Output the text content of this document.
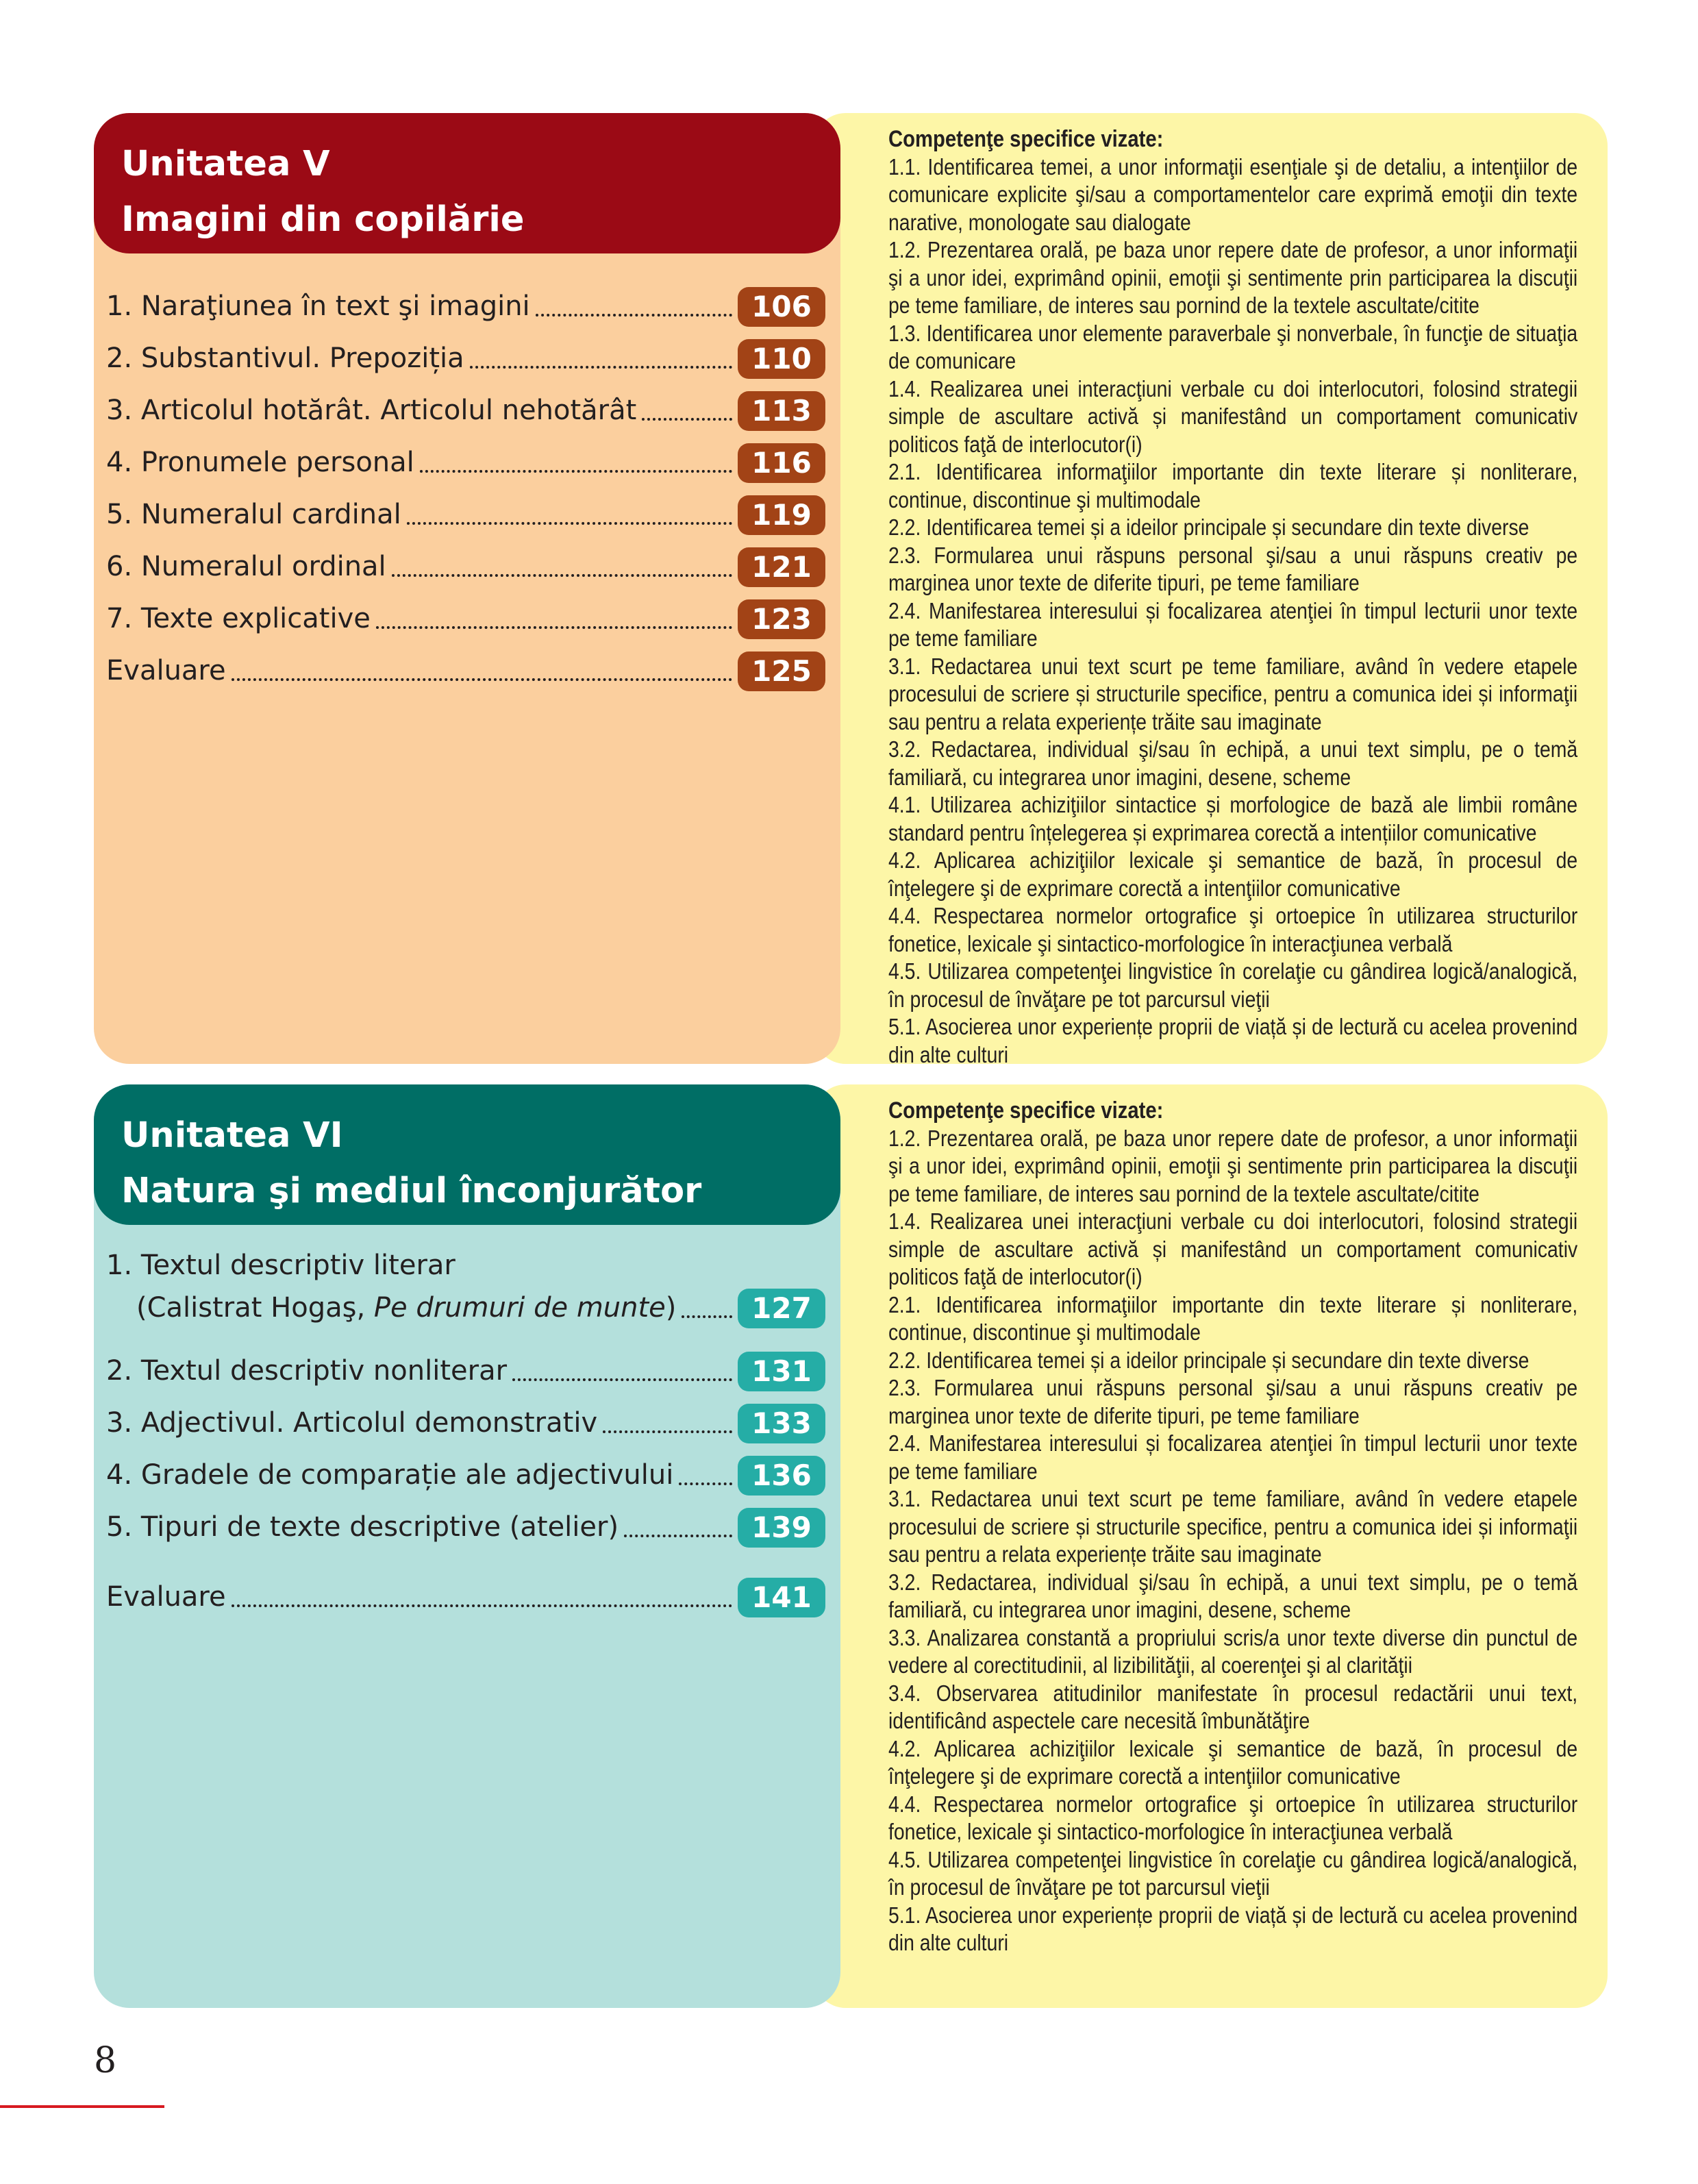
Competenţe specifice vizate:
1.1. Identificarea temei, a unor informaţii esenţiale şi de detaliu, a intenţiilor de comunicare explicite şi/sau a comportamentelor care exprimă emoţii din texte narative, monologate sau dialogate
1.2. Prezentarea orală, pe baza unor repere date de profesor, a unor informaţii şi a unor idei, exprimând opinii, emoţii şi sentimente prin participarea la discuţii pe teme familiare, de interes sau pornind de la textele ascultate/citite
1.3. Identificarea unor elemente paraverbale şi nonverbale, în funcţie de situaţia de comunicare
1.4. Realizarea unei interacţiuni verbale cu doi interlocutori, folosind strategii simple de ascultare activă și manifestând un comportament comunicativ politicos faţă de interlocutor(i)
2.1. Identificarea informaţiilor importante din texte literare și nonliterare, continue, discontinue şi multimodale
2.2. Identificarea temei și a ideilor principale și secundare din texte diverse
2.3. Formularea unui răspuns personal şi/sau a unui răspuns creativ pe marginea unor texte de diferite tipuri, pe teme familiare
2.4. Manifestarea interesului și focalizarea atenţiei în timpul lecturii unor texte pe teme familiare
3.1. Redactarea unui text scurt pe teme familiare, având în vedere etapele procesului de scriere și structurile specifice, pentru a comunica idei și informaţii sau pentru a relata experiențe trăite sau imaginate
3.2. Redactarea, individual şi/sau în echipă, a unui text simplu, pe o temă familiară, cu integrarea unor imagini, desene, scheme
4.1. Utilizarea achiziţiilor sintactice și morfologice de bază ale limbii române standard pentru înțelegerea și exprimarea corectă a intențiilor comunicative
4.2. Aplicarea achiziţiilor lexicale şi semantice de bază, în procesul de înţelegere şi de exprimare corectă a intenţiilor comunicative
4.4. Respectarea normelor ortografice şi ortoepice în utilizarea structurilor fonetice, lexicale şi sintactico-morfologice în interacţiunea verbală
4.5. Utilizarea competenţei lingvistice în corelaţie cu gândirea logică/analogică, în procesul de învăţare pe tot parcursul vieţii
5.1. Asocierea unor experiențe proprii de viață și de lectură cu acelea provenind din alte culturi
Unitatea V
Imagini din copilărie
1. Naraţiunea în text şi imagini	106
2. Substantivul. Prepoziția	110
3. Articolul hotărât. Articolul nehotărât	113
4. Pronumele personal	116
5. Numeralul cardinal	119
6. Numeralul ordinal	121
7. Texte explicative	123
Evaluare	125
Competenţe specifice vizate:
1.2. Prezentarea orală, pe baza unor repere date de profesor, a unor informaţii şi a unor idei, exprimând opinii, emoţii şi sentimente prin participarea la discuţii pe teme familiare, de interes sau pornind de la textele ascultate/citite
1.4. Realizarea unei interacţiuni verbale cu doi interlocutori, folosind strategii simple de ascultare activă și manifestând un comportament comunicativ politicos faţă de interlocutor(i)
2.1. Identificarea informaţiilor importante din texte literare și nonliterare, continue, discontinue şi multimodale
2.2. Identificarea temei și a ideilor principale și secundare din texte diverse
2.3. Formularea unui răspuns personal şi/sau a unui răspuns creativ pe marginea unor texte de diferite tipuri, pe teme familiare
2.4. Manifestarea interesului și focalizarea atenţiei în timpul lecturii unor texte pe teme familiare
3.1. Redactarea unui text scurt pe teme familiare, având în vedere etapele procesului de scriere și structurile specifice, pentru a comunica idei și informaţii sau pentru a relata experiențe trăite sau imaginate
3.2. Redactarea, individual şi/sau în echipă, a unui text simplu, pe o temă familiară, cu integrarea unor imagini, desene, scheme
3.3. Analizarea constantă a propriului scris/a unor texte diverse din punctul de vedere al corectitudinii, al lizibilităţii, al coerenţei şi al clarităţii
3.4. Observarea atitudinilor manifestate în procesul redactării unui text, identificând aspectele care necesită îmbunătăţire
4.2. Aplicarea achiziţiilor lexicale şi semantice de bază, în procesul de înţelegere şi de exprimare corectă a intenţiilor comunicative
4.4. Respectarea normelor ortografice şi ortoepice în utilizarea structurilor fonetice, lexicale şi sintactico-morfologice în interacţiunea verbală
4.5. Utilizarea competenţei lingvistice în corelaţie cu gândirea logică/analogică, în procesul de învăţare pe tot parcursul vieţii
5.1. Asocierea unor experiențe proprii de viață și de lectură cu acelea provenind din alte culturi
Unitatea VI
Natura şi mediul înconjurător
1. Textul descriptiv literar
(Calistrat Hogaş, Pe drumuri de munte)	127
2. Textul descriptiv nonliterar	131
3. Adjectivul. Articolul demonstrativ	133
4. Gradele de comparație ale adjectivului	136
5. Tipuri de texte descriptive (atelier)	139
Evaluare	141
8
